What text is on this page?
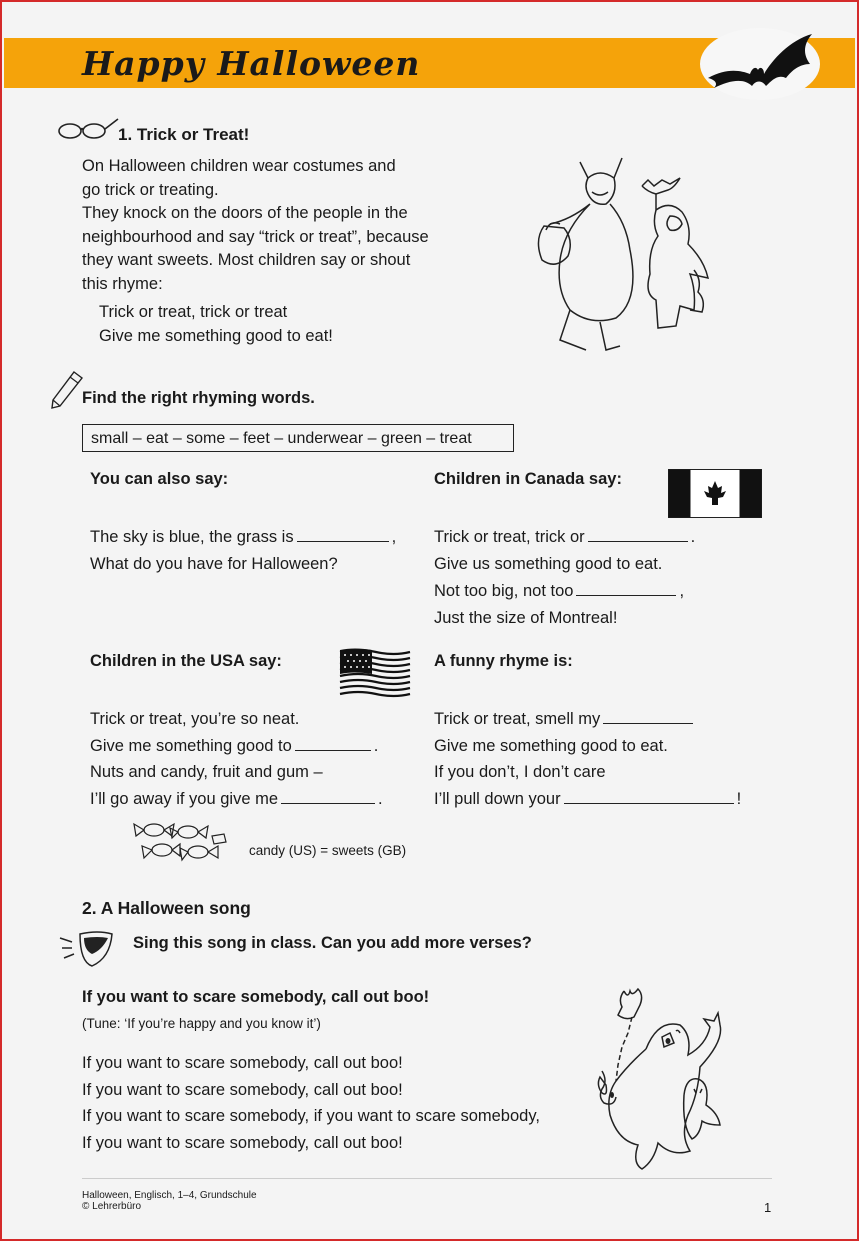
Happy Halloween
1. Trick or Treat!
On Halloween children wear costumes and
go trick or treating.
They knock on the doors of the people in the
neighbourhood and say “trick or treat”, because
they want sweets. Most children say or shout
this rhyme:
Trick or treat, trick or treat
Give me something good to eat!
Find the right rhyming words.
small – eat – some – feet – underwear – green – treat
You can also say:
The sky is blue, the grass is	,
What do you have for Halloween?
Children in Canada say:
Trick or treat, trick or	.
Give us something good to eat.
Not too big, not too	,
Just the size of Montreal!
Children in the USA say:
Trick or treat, you’re so neat.
Give me something good to	.
Nuts and candy, fruit and gum –
I’ll go away if you give me	.
A funny rhyme is:
Trick or treat, smell my
Give me something good to eat.
If you don’t, I don’t care
I’ll pull down your	!
candy (US) = sweets (GB)
2. A Halloween song
Sing this song in class. Can you add more verses?
If you want to scare somebody, call out boo!
(Tune: ‘If you’re happy and you know it’)
If you want to scare somebody, call out boo!
If you want to scare somebody, call out boo!
If you want to scare somebody, if you want to scare somebody,
If you want to scare somebody, call out boo!
Halloween, Englisch, 1–4, Grundschule
© Lehrerbüro	1
